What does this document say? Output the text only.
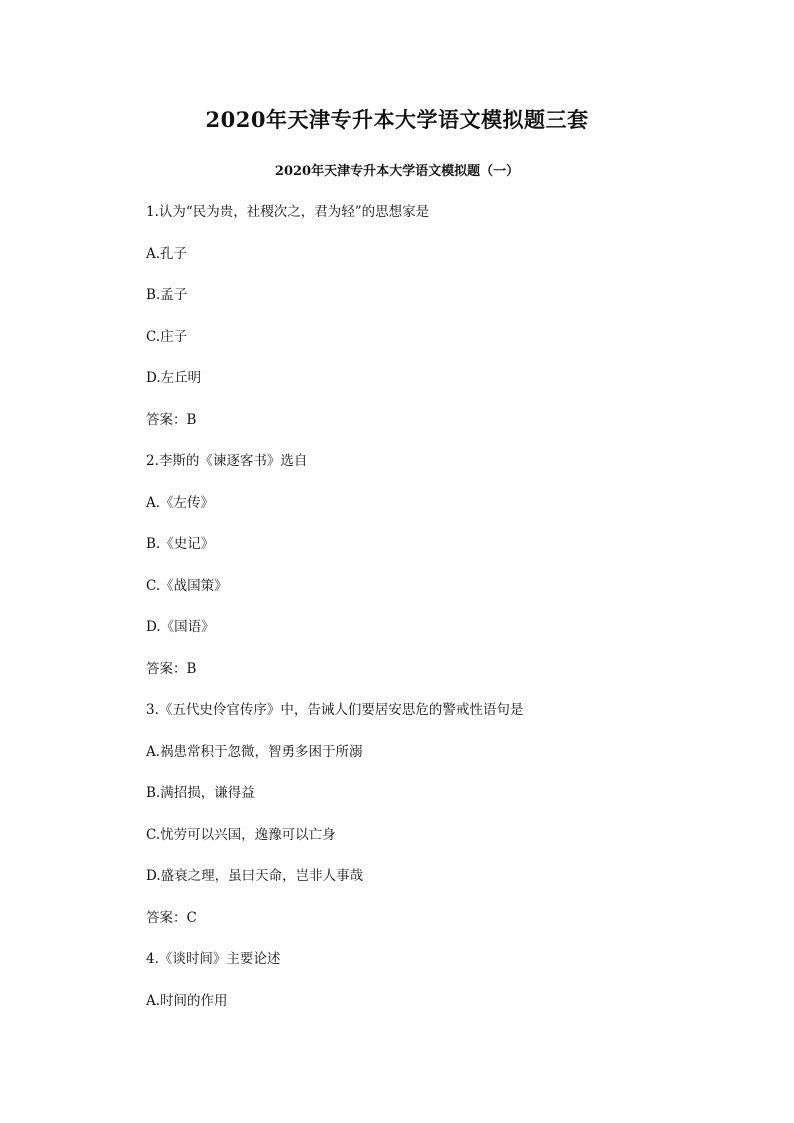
2020年天津专升本大学语文模拟题三套
2020年天津专升本大学语文模拟题（一）
1.认为“民为贵，社稷次之，君为轻”的思想家是
A.孔子
B.孟子
C.庄子
D.左丘明
答案：B
2.李斯的《谏逐客书》选自
A.《左传》
B.《史记》
C.《战国策》
D.《国语》
答案：B
3.《五代史伶官传序》中，告诫人们要居安思危的警戒性语句是
A.祸患常积于忽微，智勇多困于所溺
B.满招损，谦得益
C.忧劳可以兴国，逸豫可以亡身
D.盛衰之理，虽曰天命，岂非人事哉
答案：C
4.《谈时间》主要论述
A.时间的作用
